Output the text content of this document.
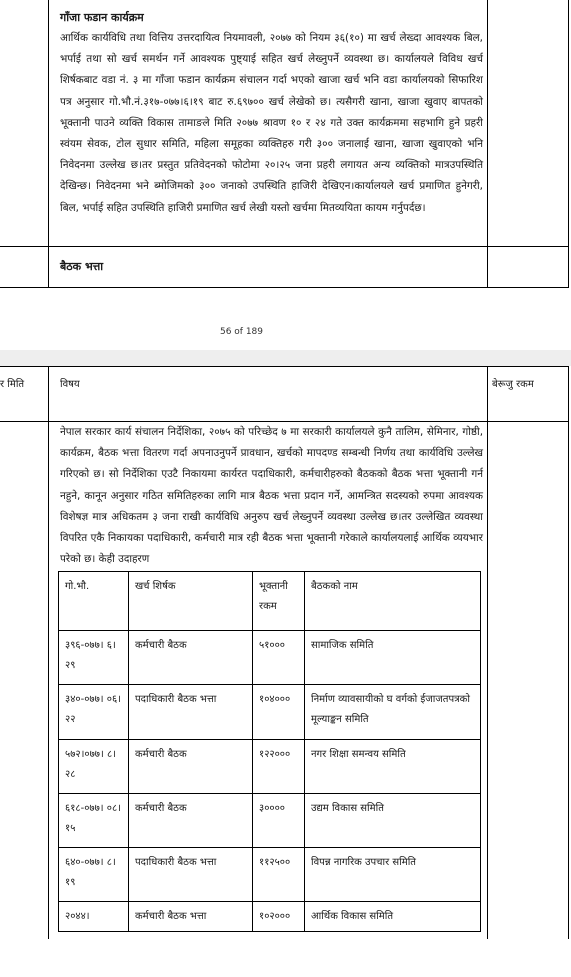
गाँजा फडान कार्यक्रम
आर्थिक कार्यविधि तथा वित्तिय उत्तरदायित्व नियमावली, २०७७ को नियम ३६(१०) मा खर्च लेख्दा आवश्यक बिल, भर्पाई तथा सो खर्च समर्थन गर्ने आवश्यक पुष्ट्याई सहित खर्च लेख्नुपर्ने व्यवस्था छ। कार्यालयले विविध खर्च शिर्षकबाट वडा नं. ३ मा गाँजा फडान कार्यक्रम संचालन गर्दा भएको खाजा खर्च भनि वडा कार्यालयको सिफारिश पत्र अनुसार गो.भौ.नं.३१७-०७७।६।१९ बाट रु.६९७०० खर्च लेखेको छ। त्यसैगरी खाना, खाजा खुवाए बापतको भूक्तानी पाउने व्यक्ति विकास तामाङले मिति २०७७ श्रावण १० र २४ गते उक्त कार्यक्रममा सहभागि हुने प्रहरी स्वंयम सेवक, टोल सुधार समिति, महिला समूहका व्यक्तिहरु गरी ३०० जनालाई खाना, खाजा खुवाएको भनि निवेदनमा उल्लेख छ।तर प्रस्तुत प्रतिवेदनको फोटोमा २०।२५ जना प्रहरी लगायत अन्य व्यक्तिको मात्रउपस्थिति देखिन्छ। निवेदनमा भने ब्मोजिमको ३०० जनाको उपस्थिति हाजिरी देखिएन।कार्यालयले खर्च प्रमाणित हुनेगरी, बिल, भर्पाई सहित उपस्थिति हाजिरी प्रमाणित खर्च लेखी यस्तो खर्चमा मितव्ययिता कायम गर्नुपर्दछ।
बैठक भत्ता
56 of 189
र मिति	विषय	बेरूजु रकम
नेपाल सरकार कार्य संचालन निर्देशिका, २०७५ को परिच्छेद ७ मा सरकारी कार्यालयले कुनै तालिम, सेमिनार, गोष्ठी, कार्यक्रम, बैठक भत्ता वितरण गर्दा अपनाउनुपर्ने प्रावधान, खर्चको मापदण्ड सम्बन्धी निर्णय तथा कार्यविधि उल्लेख गरिएको छ। सो निर्देशिका एउटै निकायमा कार्यरत पदाधिकारी, कर्मचारीहरुको बैठकको बैठक भत्ता भूक्तानी गर्न नहुने, कानून अनुसार गठित समितिहरुका लागि मात्र बैठक भत्ता प्रदान गर्ने, आमन्त्रित सदस्यको रुपमा आवश्यक विशेषज्ञ मात्र अधिकतम ३ जना राखी कार्यविधि अनुरुप खर्च लेख्नुपर्ने व्यवस्था उल्लेख छ।तर उल्लेखित व्यवस्था विपरित एकै निकायका पदाधिकारी, कर्मचारी मात्र रही बैठक भत्ता भूक्तानी गरेकाले कार्यालयलाई आर्थिक व्ययभार परेको छ। केही उदाहरण
गो.भौ.	खर्च शिर्षक	भूक्तानी रकम	बैठकको नाम
३९६-०७७। ६।२९	कर्मचारी बैठक	५१०००	सामाजिक समिति
३४०-०७७। ०६।२२	पदाधिकारी बैठक भत्ता	१०४०००	निर्माण व्यावसायीको घ वर्गको ईजाजतपत्रको मूल्याङ्कन समिति
५७२।०७७। ८।२८	कर्मचारी बैठक	१२२०००	नगर शिक्षा समन्वय समिति
६१८-०७७। ०८।१५	कर्मचारी बैठक	३००००	उद्यम विकास समिति
६४०-०७७। ८।१९	पदाधिकारी बैठक भत्ता	११२५००	विपन्न नागरिक उपचार समिति
२०४४।	कर्मचारी बैठक भत्ता	१०२०००	आर्थिक विकास समिति
